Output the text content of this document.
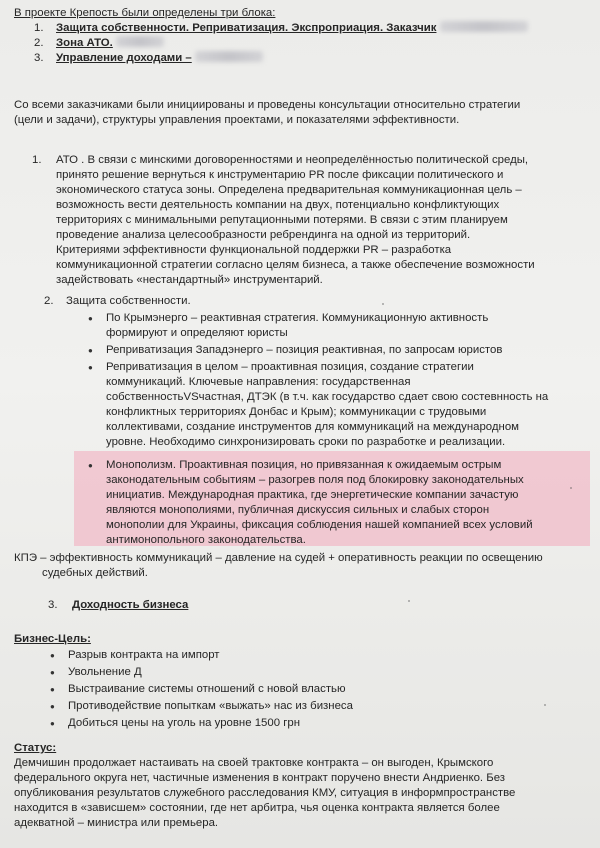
В проекте Крепость были определены три блока:

1. Защита собственности. Реприватизация. Экспроприация. Заказчик
2. Зона АТО.
3. Управление доходами –

Со всеми заказчиками были инициированы и проведены консультации относительно стратегии

(цели и задачи), структуры управления проектами, и показателями эффективности.

1. АТО . В связи с минскими договоренностями и неопределённостью политической среды,

принято решение вернуться к инструментарию PR после фиксации политического и

экономического статуса зоны. Определена предварительная коммуникационная цель –

возможность вести деятельность компании на двух, потенциально конфликтующих

территориях с минимальными репутационными потерями. В связи с этим планируем

проведение анализа целесообразности ребрендинга на одной из территорий.

Критериями эффективности функциональной поддержки PR – разработка

коммуникационной стратегии согласно целям бизнеса, а также обеспечение возможности

задействовать «нестандартный» инструментарий.

2. Защита собственности.

● По Крымэнерго – реактивная стратегия. Коммуникационную активность

формируют и определяют юристы

● Реприватизация Западэнерго – позиция реактивная, по запросам юристов

● Реприватизация в целом – проактивная позиция, создание стратегии

коммуникаций. Ключевые направления: государственная

собственностьVSчастная, ДТЭК (в т.ч. как государство сдает свою состевнность на

конфликтных территориях Донбас и Крым); коммуникации с трудовыми

коллективами, создание инструментов для коммуникаций на международном

уровне. Необходимо синхронизировать сроки по разработке и реализации.

● Монополизм. Проактивная позиция, но привязанная к ожидаемым острым

законодательным событиям – разогрев поля под блокировку законодательных

инициатив. Международная практика, где энергетические компании зачастую

являются монополиями, публичная дискуссия сильных и слабых сторон

монополии для Украины, фиксация соблюдения нашей компанией всех условий

антимонопольного законодательства.

КПЭ – эффективность коммуникаций – давление на судей + оперативность реакции по освещению

судебных действий.

3. Доходность бизнеса

Бизнес-Цель:

● Разрыв контракта на импорт
● Увольнение Д
● Выстраивание системы отношений с новой властью
● Противодействие попыткам «выжать» нас из бизнеса
● Добиться цены на уголь на уровне 1500 грн

Статус:

Демчишин продолжает настаивать на своей трактовке контракта – он выгоден, Крымского

федерального округа нет, частичные изменения в контракт поручено внести Андриенко. Без

опубликования результатов служебного расследования КМУ, ситуация в информпространстве

находится в «зависшем» состоянии, где нет арбитра, чья оценка контракта является более

адекватной – министра или премьера.
